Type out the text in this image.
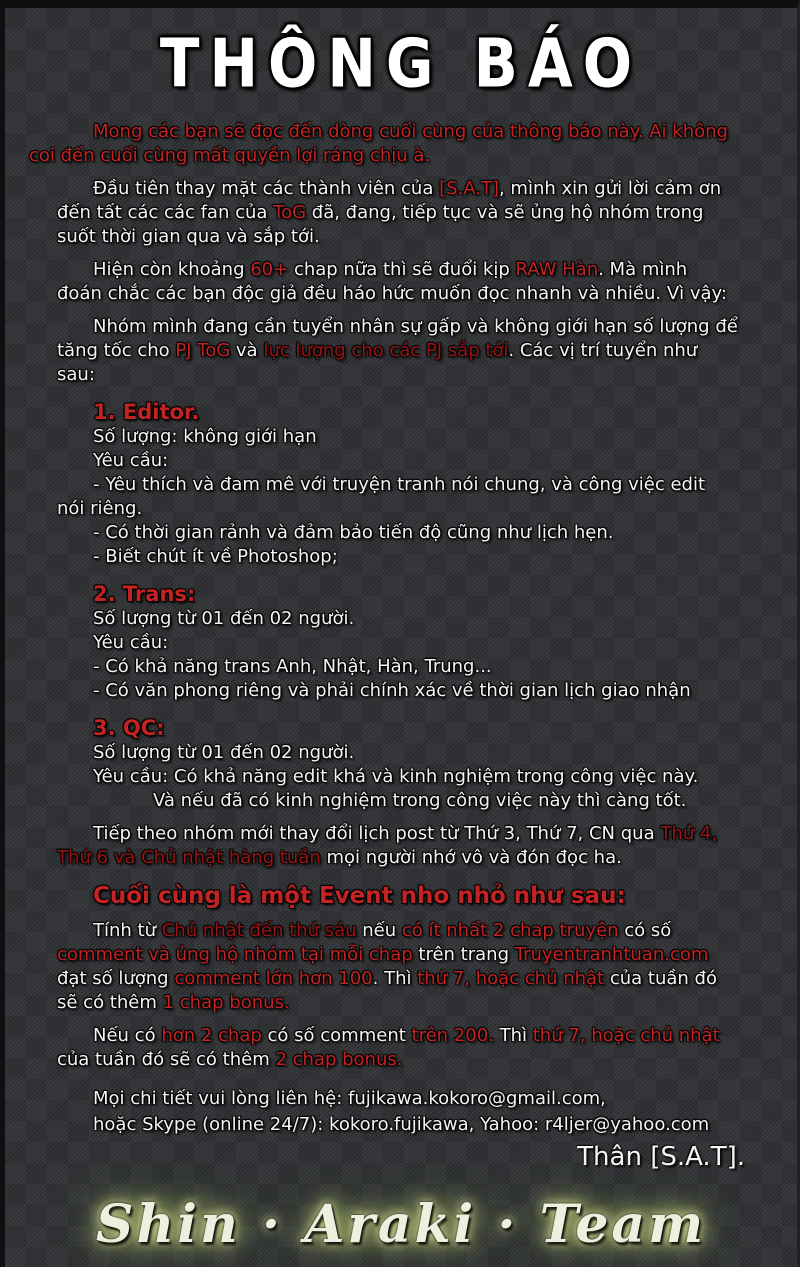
THÔNG BÁO
Mong các bạn sẽ đọc đến dòng cuối cùng của thông báo này. Ai không
coi đến cuối cùng mất quyền lợi ráng chịu à.
Đầu tiên thay mặt các thành viên của [S.A.T], mình xin gửi lời cảm ơn
đến tất các các fan của ToG đã, đang, tiếp tục và sẽ ủng hộ nhóm trong
suốt thời gian qua và sắp tới.
Hiện còn khoảng 60+ chap nữa thì sẽ đuổi kịp RAW Hàn. Mà mình
đoán chắc các bạn độc giả đều háo hức muốn đọc nhanh và nhiều. Vì vậy:
Nhóm mình đang cần tuyển nhân sự gấp và không giới hạn số lượng để
tăng tốc cho PJ ToG và lực lượng cho các PJ sắp tới. Các vị trí tuyển như
sau:
1. Editor.
Số lượng: không giới hạn
Yêu cầu:
- Yêu thích và đam mê với truyện tranh nói chung, và công việc edit
nói riêng.
- Có thời gian rảnh và đảm bảo tiến độ cũng như lịch hẹn.
- Biết chút ít về Photoshop;
2. Trans:
Số lượng từ 01 đến 02 người.
Yêu cầu:
- Có khả năng trans Anh, Nhật, Hàn, Trung...
- Có văn phong riêng và phải chính xác về thời gian lịch giao nhận
3. QC:
Số lượng từ 01 đến 02 người.
Yêu cầu: Có khả năng edit khá và kinh nghiệm trong công việc này.
Và nếu đã có kinh nghiệm trong công việc này thì càng tốt.
Tiếp theo nhóm mới thay đổi lịch post từ Thứ 3, Thứ 7, CN qua Thứ 4,
Thứ 6 và Chủ nhật hàng tuần mọi người nhớ vô và đón đọc ha.
Cuối cùng là một Event nho nhỏ như sau:
Tính từ Chủ nhật đến thứ sáu nếu có ít nhất 2 chap truyện có số
comment và ủng hộ nhóm tại mỗi chap trên trang Truyentranhtuan.com
đạt số lượng comment lớn hơn 100. Thì thứ 7, hoặc chủ nhật của tuần đó
sẽ có thêm 1 chap bonus.
Nếu có hơn 2 chap có số comment trên 200. Thì thứ 7, hoặc chủ nhật
của tuần đó sẽ có thêm 2 chap bonus.
Mọi chi tiết vui lòng liên hệ: fujikawa.kokoro@gmail.com,
hoặc Skype (online 24/7): kokoro.fujikawa, Yahoo: r4ljer@yahoo.com
Thân [S.A.T].
Shin · Araki · Team
